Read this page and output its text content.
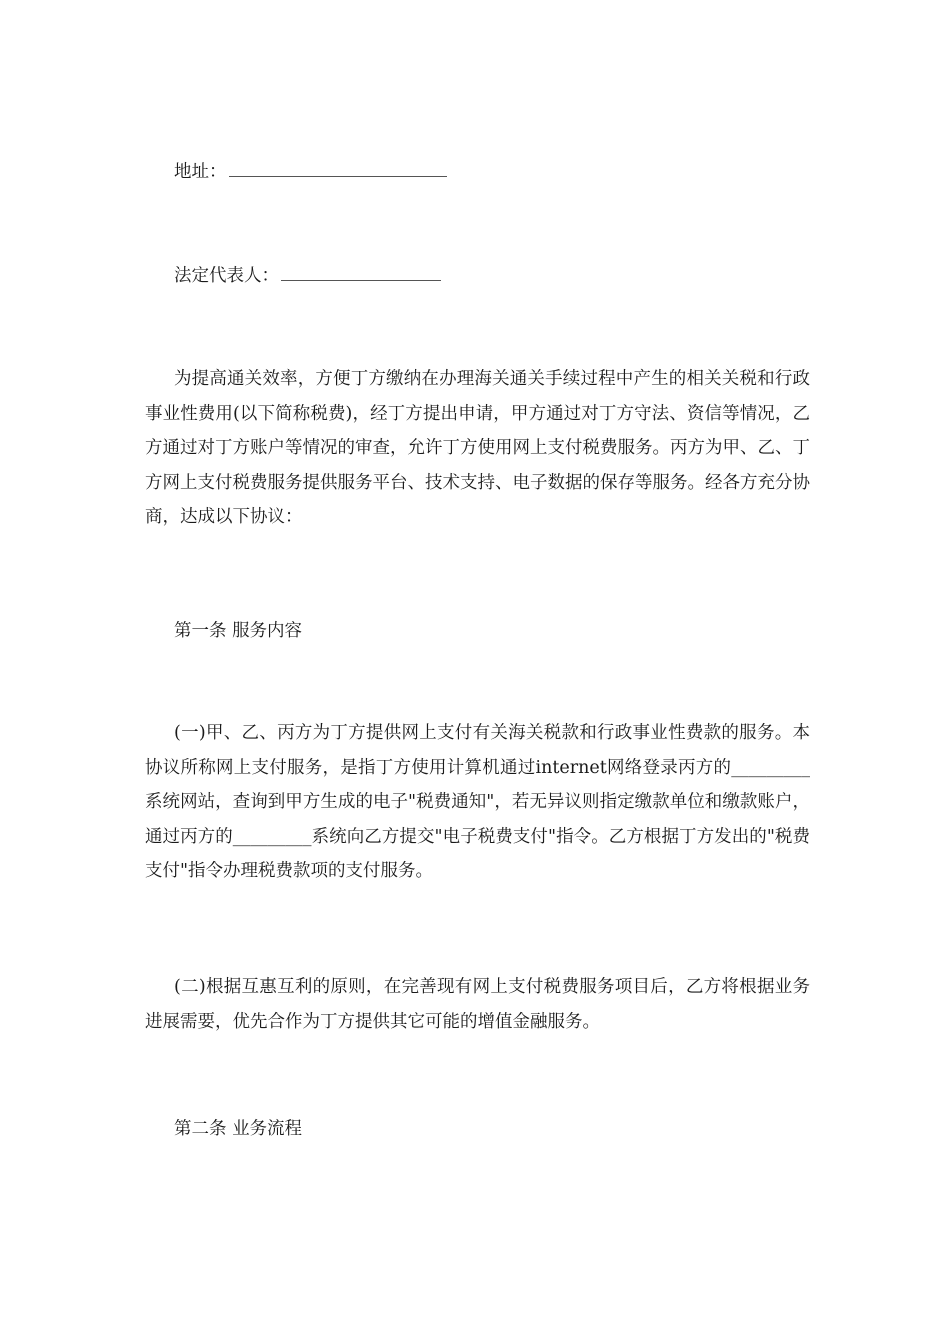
地址：
法定代表人：

为提高通关效率，方便丁方缴纳在办理海关通关手续过程中产生的相关关税和行政事业性费用(以下简称税费)，经丁方提出申请，甲方通过对丁方守法、资信等情况，乙方通过对丁方账户等情况的审查，允许丁方使用网上支付税费服务。丙方为甲、乙、丁方网上支付税费服务提供服务平台、技术支持、电子数据的保存等服务。经各方充分协商，达成以下协议：

第一条 服务内容

(一)甲、乙、丙方为丁方提供网上支付有关海关税款和行政事业性费款的服务。本协议所称网上支付服务，是指丁方使用计算机通过internet网络登录丙方的_________系统网站，查询到甲方生成的电子"税费通知"，若无异议则指定缴款单位和缴款账户，通过丙方的_________系统向乙方提交"电子税费支付"指令。乙方根据丁方发出的"税费支付"指令办理税费款项的支付服务。

(二)根据互惠互利的原则，在完善现有网上支付税费服务项目后，乙方将根据业务进展需要，优先合作为丁方提供其它可能的增值金融服务。

第二条 业务流程
